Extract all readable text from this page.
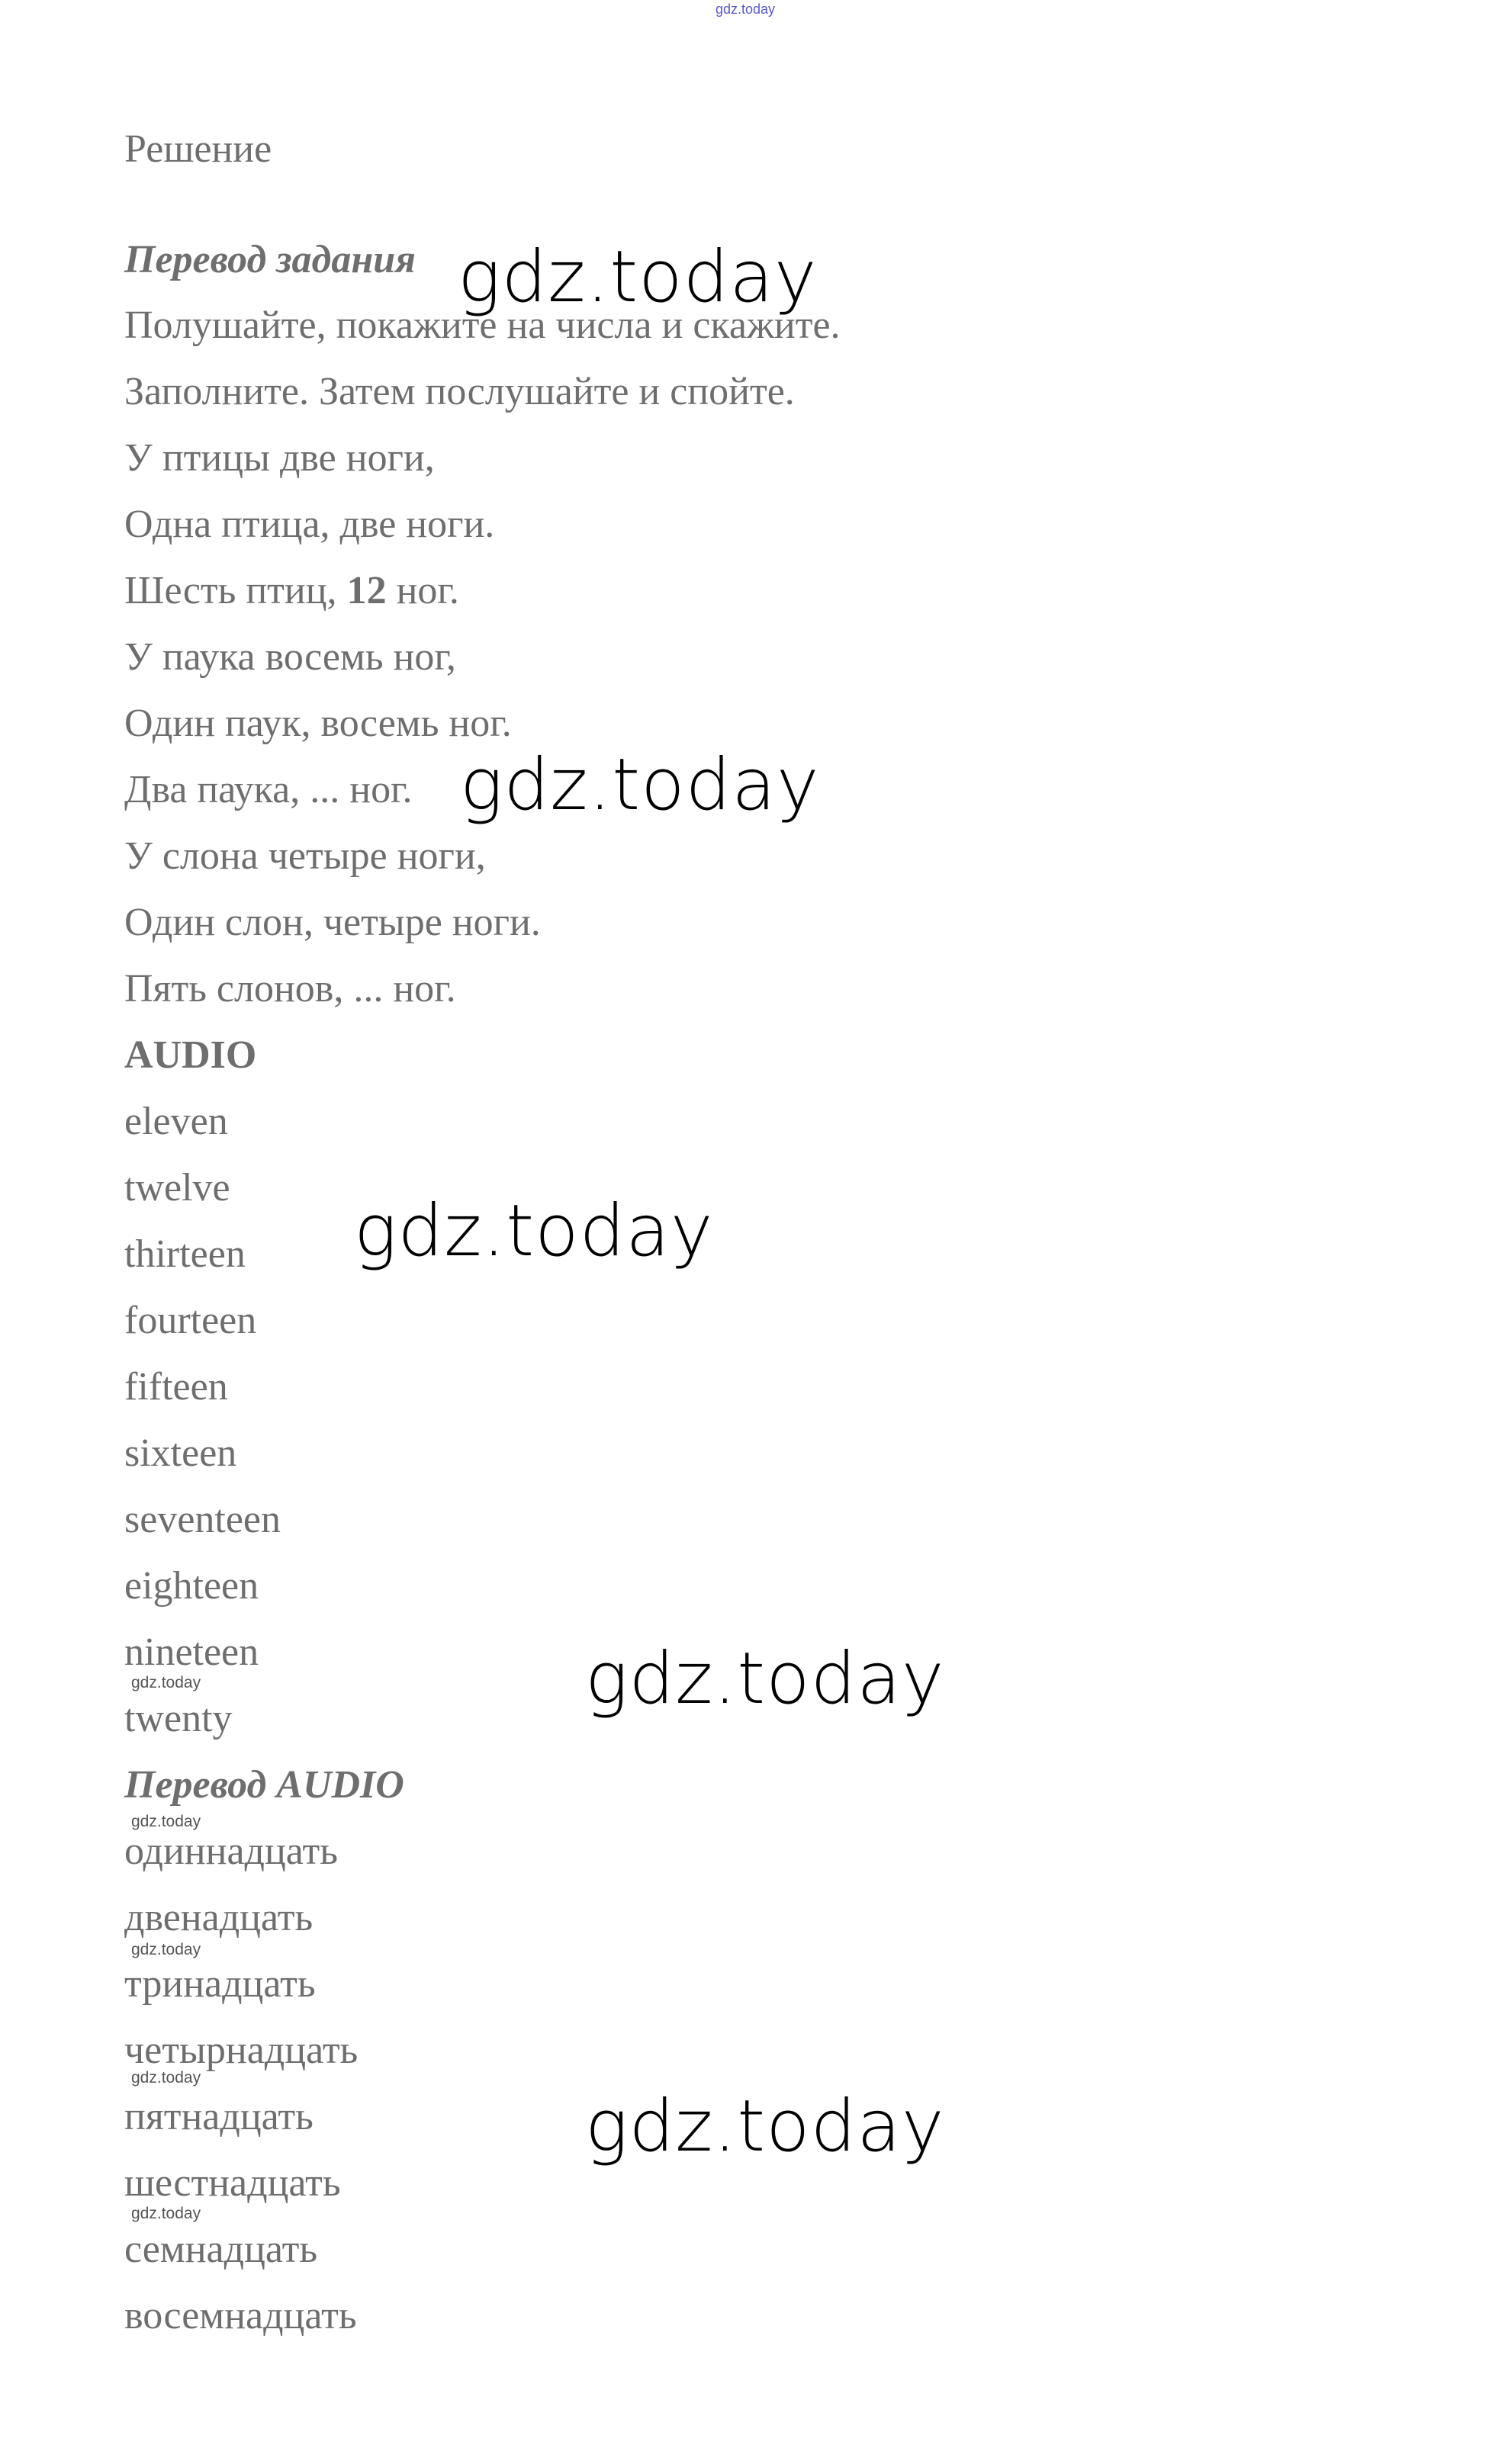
gdz.today
Решение
Перевод задания
Полушайте, покажите на числа и скажите.
Заполните. Затем послушайте и спойте.
У птицы две ноги,
Одна птица, две ноги.
Шесть птиц, 12 ног.
У паука восемь ног,
Один паук, восемь ног.
Два паука, ... ног.
У слона четыре ноги,
Один слон, четыре ноги.
Пять слонов, ... ног.
AUDIO
eleven
twelve
thirteen
fourteen
fifteen
sixteen
seventeen
eighteen
nineteen
twenty
Перевод AUDIO
одиннадцать
двенадцать
тринадцать
четырнадцать
пятнадцать
шестнадцать
семнадцать
восемнадцать
gdz.today
gdz.today
gdz.today
gdz.today
gdz.today
gdz.today
gdz.today
gdz.today
gdz.today
gdz.today
